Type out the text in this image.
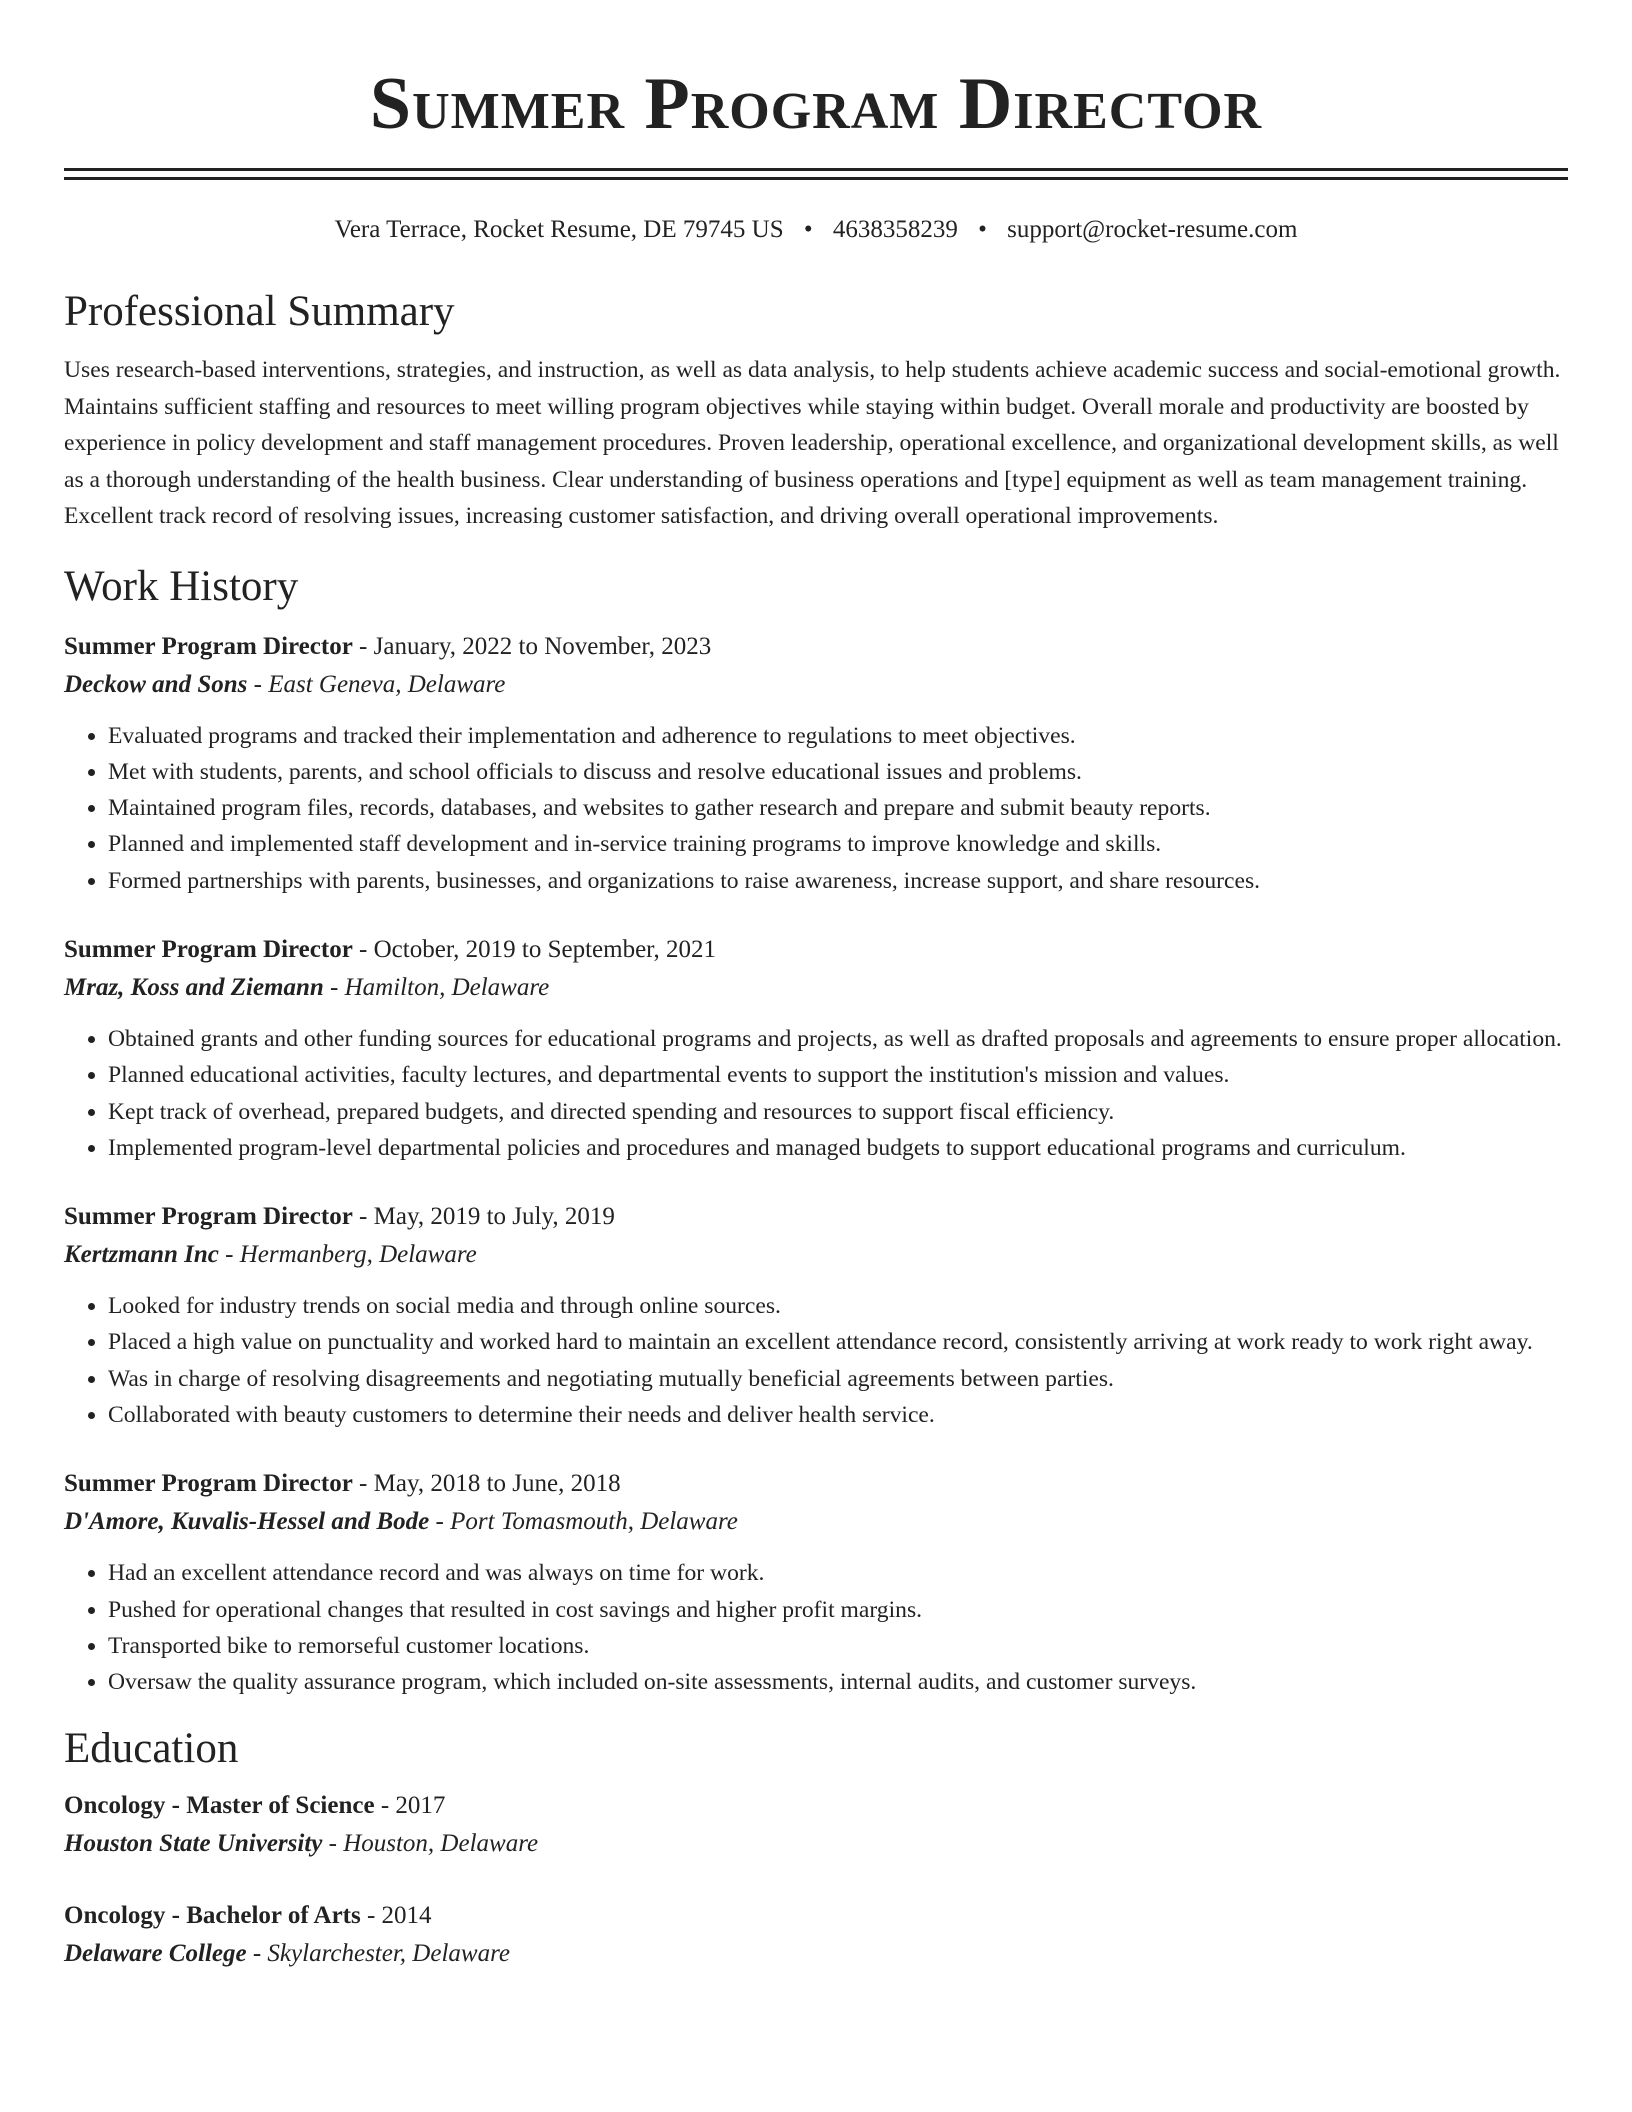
Summer Program Director
Vera Terrace, Rocket Resume, DE 79745 US • 4638358239 • support@rocket-resume.com
Professional Summary

Uses research-based interventions, strategies, and instruction, as well as data analysis, to help students achieve academic success and social-emotional growth. Maintains sufficient staffing and resources to meet willing program objectives while staying within budget. Overall morale and productivity are boosted by experience in policy development and staff management procedures. Proven leadership, operational excellence, and organizational development skills, as well as a thorough understanding of the health business. Clear understanding of business operations and [type] equipment as well as team management training. Excellent track record of resolving issues, increasing customer satisfaction, and driving overall operational improvements.

Work History
Summer Program Director - January, 2022 to November, 2023
Deckow and Sons - East Geneva, Delaware
• Evaluated programs and tracked their implementation and adherence to regulations to meet objectives.
• Met with students, parents, and school officials to discuss and resolve educational issues and problems.
• Maintained program files, records, databases, and websites to gather research and prepare and submit beauty reports.
• Planned and implemented staff development and in-service training programs to improve knowledge and skills.
• Formed partnerships with parents, businesses, and organizations to raise awareness, increase support, and share resources.
Summer Program Director - October, 2019 to September, 2021
Mraz, Koss and Ziemann - Hamilton, Delaware
• Obtained grants and other funding sources for educational programs and projects, as well as drafted proposals and agreements to ensure proper allocation.
• Planned educational activities, faculty lectures, and departmental events to support the institution's mission and values.
• Kept track of overhead, prepared budgets, and directed spending and resources to support fiscal efficiency.
• Implemented program-level departmental policies and procedures and managed budgets to support educational programs and curriculum.
Summer Program Director - May, 2019 to July, 2019
Kertzmann Inc - Hermanberg, Delaware
• Looked for industry trends on social media and through online sources.
• Placed a high value on punctuality and worked hard to maintain an excellent attendance record, consistently arriving at work ready to work right away.
• Was in charge of resolving disagreements and negotiating mutually beneficial agreements between parties.
• Collaborated with beauty customers to determine their needs and deliver health service.
Summer Program Director - May, 2018 to June, 2018
D'Amore, Kuvalis-Hessel and Bode - Port Tomasmouth, Delaware
• Had an excellent attendance record and was always on time for work.
• Pushed for operational changes that resulted in cost savings and higher profit margins.
• Transported bike to remorseful customer locations.
• Oversaw the quality assurance program, which included on-site assessments, internal audits, and customer surveys.
Education
Oncology - Master of Science - 2017
Houston State University - Houston, Delaware
Oncology - Bachelor of Arts - 2014
Delaware College - Skylarchester, Delaware
